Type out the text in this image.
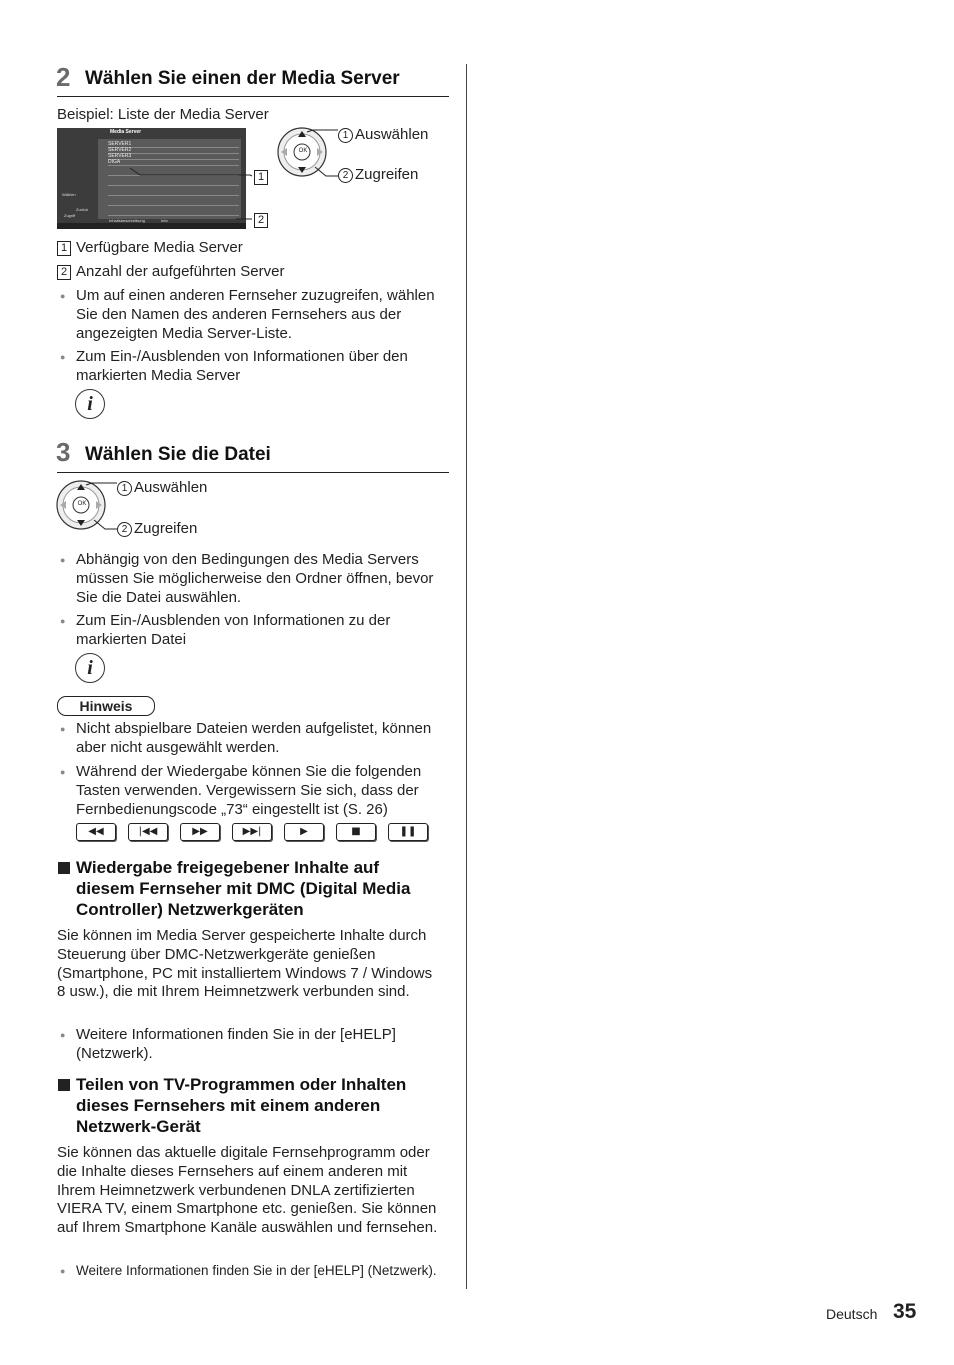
2 Wählen Sie einen der Media Server
Beispiel: Liste der Media Server
Media Server
SERVER1
SERVER2
SERVER3
DIGA
Wählen
Zurück
Zugriff
Inhaltsbeschreibung	Info
1
2
OK
1 Auswählen
2 Zugreifen
1 Verfügbare Media Server
2 Anzahl der aufgeführten Server
● Um auf einen anderen Fernseher zuzugreifen, wählen Sie den Namen des anderen Fernsehers aus der angezeigten Media Server-Liste.
● Zum Ein-/Ausblenden von Informationen über den markierten Media Server
i
3 Wählen Sie die Datei
OK
1 Auswählen
2 Zugreifen
● Abhängig von den Bedingungen des Media Servers müssen Sie möglicherweise den Ordner öffnen, bevor Sie die Datei auswählen.
● Zum Ein-/Ausblenden von Informationen zu der markierten Datei
i
Hinweis
● Nicht abspielbare Dateien werden aufgelistet, können aber nicht ausgewählt werden.
● Während der Wiedergabe können Sie die folgenden Tasten verwenden. Vergewissern Sie sich, dass der Fernbedienungscode „73“ eingestellt ist (S. 26)
◀◀	|◀◀	▶▶	▶▶|	▶	■	❚❚
Wiedergabe freigegebener Inhalte auf
diesem Fernseher mit DMC (Digital Media
Controller) Netzwerkgeräten
Sie können im Media Server gespeicherte Inhalte durch Steuerung über DMC-Netzwerkgeräte genießen (Smartphone, PC mit installiertem Windows 7 / Windows 8 usw.), die mit Ihrem Heimnetzwerk verbunden sind.
● Weitere Informationen finden Sie in der [eHELP] (Netzwerk).
Teilen von TV-Programmen oder Inhalten
dieses Fernsehers mit einem anderen
Netzwerk-Gerät
Sie können das aktuelle digitale Fernsehprogramm oder die Inhalte dieses Fernsehers auf einem anderen mit Ihrem Heimnetzwerk verbundenen DNLA zertifizierten VIERA TV, einem Smartphone etc. genießen. Sie können auf Ihrem Smartphone Kanäle auswählen und fernsehen.
● Weitere Informationen finden Sie in der [eHELP] (Netzwerk).
Deutsch 35
